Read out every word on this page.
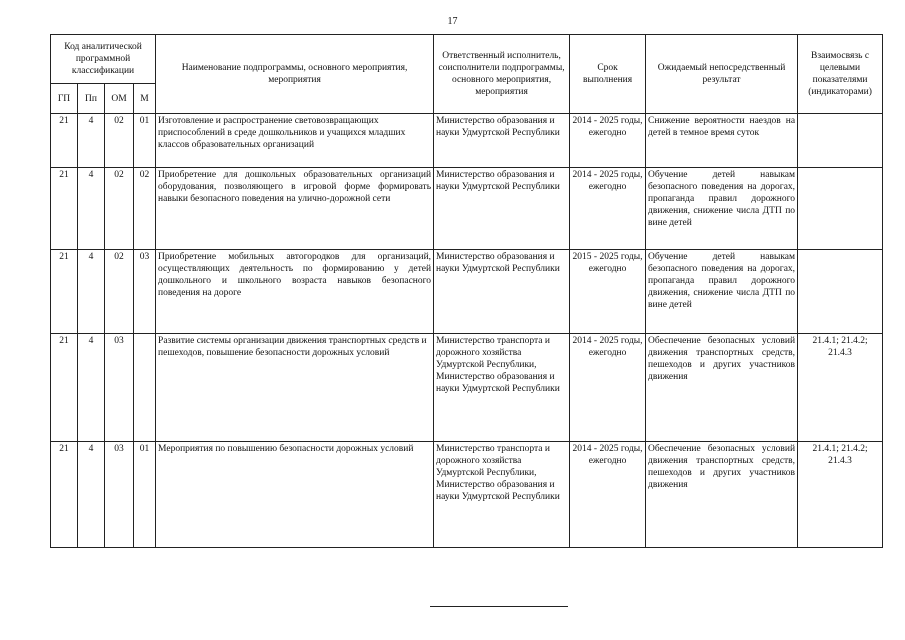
17
Код аналитической программной классификации				Наименование подпрограммы, основного мероприятия, мероприятия	Ответственный исполнитель, соисполнители подпрограммы, основного мероприятия, мероприятия	Срок выполнения	Ожидаемый непосредственный результат	Взаимосвязь с целевыми показателями (индикаторами)
ГП	Пп	ОМ	М					
21	4	02	01	Изготовление и распространение световозвращающих приспособлений в среде дошкольников и учащихся младших классов образовательных организаций	Министерство образования и науки Удмуртской Республики	2014 - 2025 годы, ежегодно	Снижение вероятности наездов на детей в темное время суток	
21	4	02	02	Приобретение для дошкольных образовательных организаций оборудования, позволяющего в игровой форме формировать навыки безопасного поведения на улично-дорожной сети	Министерство образования и науки Удмуртской Республики	2014 - 2025 годы, ежегодно	Обучение детей навыкам безопасного поведения на дорогах, пропаганда правил дорожного движения, снижение числа ДТП по вине детей	
21	4	02	03	Приобретение мобильных автогородков для организаций, осуществляющих деятельность по формированию у детей дошкольного и школьного возраста навыков безопасного поведения на дороге	Министерство образования и науки Удмуртской Республики	2015 - 2025 годы, ежегодно	Обучение детей навыкам безопасного поведения на дорогах, пропаганда правил дорожного движения, снижение числа ДТП по вине детей	
21	4	03		Развитие системы организации движения транспортных средств и пешеходов, повышение безопасности дорожных условий	Министерство транспорта и дорожного хозяйства Удмуртской Республики, Министерство образования и науки Удмуртской Республики	2014 - 2025 годы, ежегодно	Обеспечение безопасных условий движения транспортных средств, пешеходов и других участников движения	21.4.1; 21.4.2; 21.4.3
21	4	03	01	Мероприятия по повышению безопасности дорожных условий	Министерство транспорта и дорожного хозяйства Удмуртской Республики, Министерство образования и науки Удмуртской Республики	2014 - 2025 годы, ежегодно	Обеспечение безопасных условий движения транспортных средств, пешеходов и других участников движения	21.4.1; 21.4.2; 21.4.3
